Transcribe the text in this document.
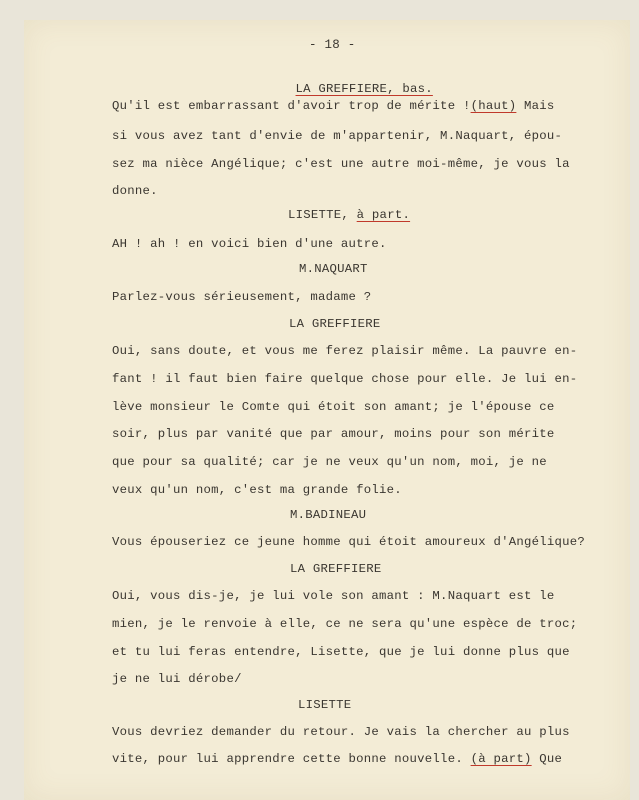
- 18 -

LA GREFFIERE, bas.

Qu'il est embarrassant d'avoir trop de mérite !(haut) Mais
si vous avez tant d'envie de m'appartenir, M.Naquart, épou-
sez ma nièce Angélique; c'est une autre moi-même, je vous la
donne.
LISETTE, à part.
AH ! ah ! en voici bien d'une autre.
M.NAQUART
Parlez-vous sérieusement, madame ?
LA GREFFIERE
Oui, sans doute, et vous me ferez plaisir même. La pauvre en-
fant ! il faut bien faire quelque chose pour elle. Je lui en-
lève monsieur le Comte qui étoit son amant; je l'épouse ce
soir, plus par vanité que par amour, moins pour son mérite
que pour sa qualité; car je ne veux qu'un nom, moi, je ne
veux qu'un nom, c'est ma grande folie.
M.BADINEAU
Vous épouseriez ce jeune homme qui étoit amoureux d'Angélique?
LA GREFFIERE
Oui, vous dis-je, je lui vole son amant : M.Naquart est le
mien, je le renvoie à elle, ce ne sera qu'une espèce de troc;
et tu lui feras entendre, Lisette, que je lui donne plus que
je ne lui dérobe/
LISETTE
Vous devriez demander du retour. Je vais la chercher au plus
vite, pour lui apprendre cette bonne nouvelle. (à part) Que
